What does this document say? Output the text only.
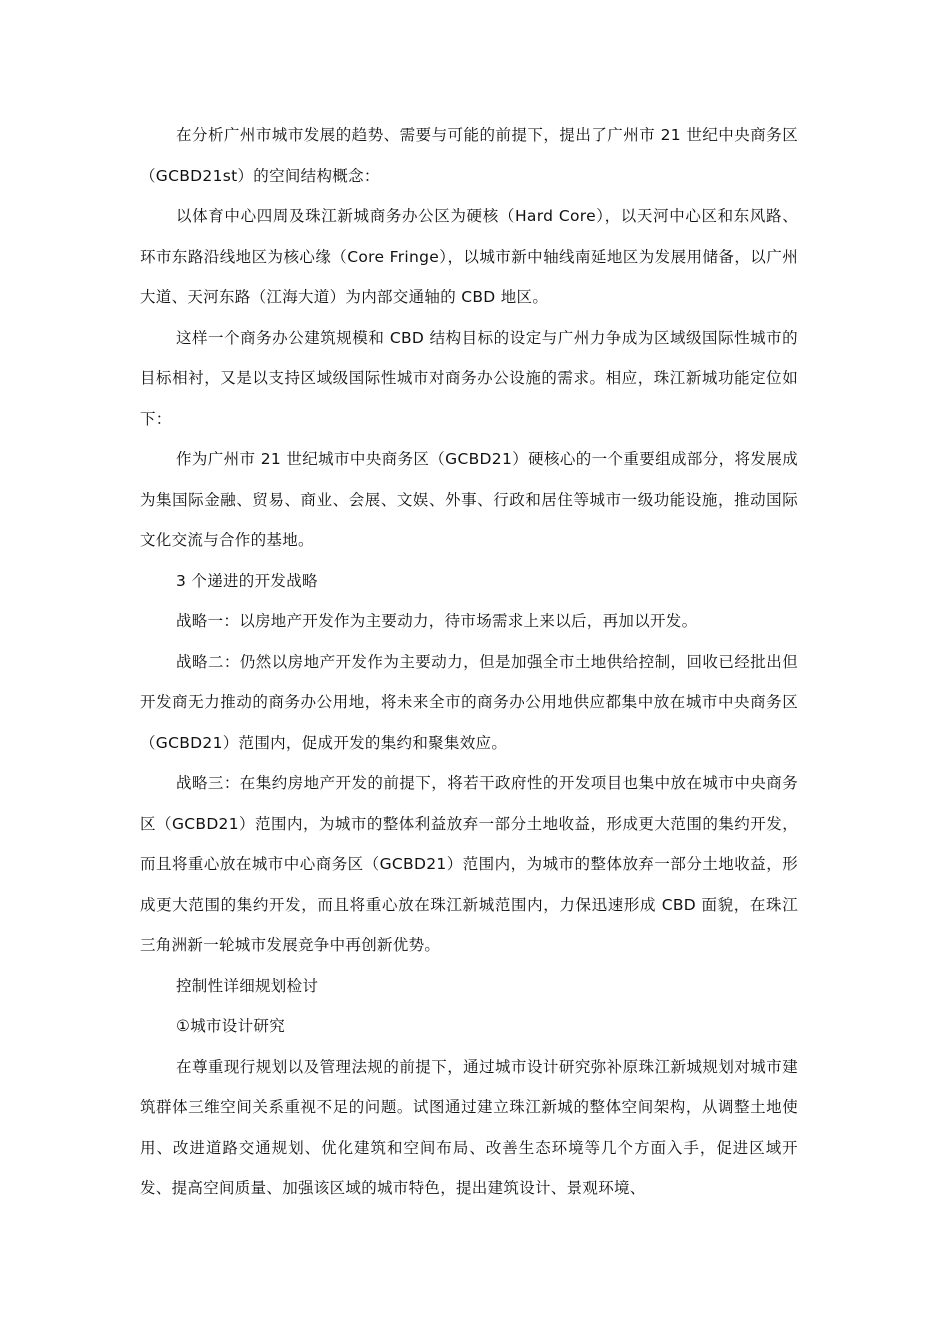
在分析广州市城市发展的趋势、需要与可能的前提下，提出了广州市 21 世纪中央商务区（GCBD21st）的空间结构概念：

以体育中心四周及珠江新城商务办公区为硬核（Hard Core），以天河中心区和东风路、环市东路沿线地区为核心缘（Core Fringe），以城市新中轴线南延地区为发展用储备，以广州大道、天河东路（江海大道）为内部交通轴的 CBD 地区。

这样一个商务办公建筑规模和 CBD 结构目标的设定与广州力争成为区域级国际性城市的目标相衬，又是以支持区域级国际性城市对商务办公设施的需求。相应，珠江新城功能定位如下：

作为广州市 21 世纪城市中央商务区（GCBD21）硬核心的一个重要组成部分，将发展成为集国际金融、贸易、商业、会展、文娱、外事、行政和居住等城市一级功能设施，推动国际文化交流与合作的基地。

3 个递进的开发战略

战略一：以房地产开发作为主要动力，待市场需求上来以后，再加以开发。

战略二：仍然以房地产开发作为主要动力，但是加强全市土地供给控制，回收已经批出但开发商无力推动的商务办公用地，将未来全市的商务办公用地供应都集中放在城市中央商务区（GCBD21）范围内，促成开发的集约和聚集效应。

战略三：在集约房地产开发的前提下，将若干政府性的开发项目也集中放在城市中央商务区（GCBD21）范围内，为城市的整体利益放弃一部分土地收益，形成更大范围的集约开发，而且将重心放在城市中心商务区（GCBD21）范围内，为城市的整体放弃一部分土地收益，形成更大范围的集约开发，而且将重心放在珠江新城范围内，力保迅速形成 CBD 面貌，在珠江三角洲新一轮城市发展竞争中再创新优势。

控制性详细规划检讨

①城市设计研究

在尊重现行规划以及管理法规的前提下，通过城市设计研究弥补原珠江新城规划对城市建筑群体三维空间关系重视不足的问题。试图通过建立珠江新城的整体空间架构，从调整土地使用、改进道路交通规划、优化建筑和空间布局、改善生态环境等几个方面入手，促进区域开发、提高空间质量、加强该区域的城市特色，提出建筑设计、景观环境、
